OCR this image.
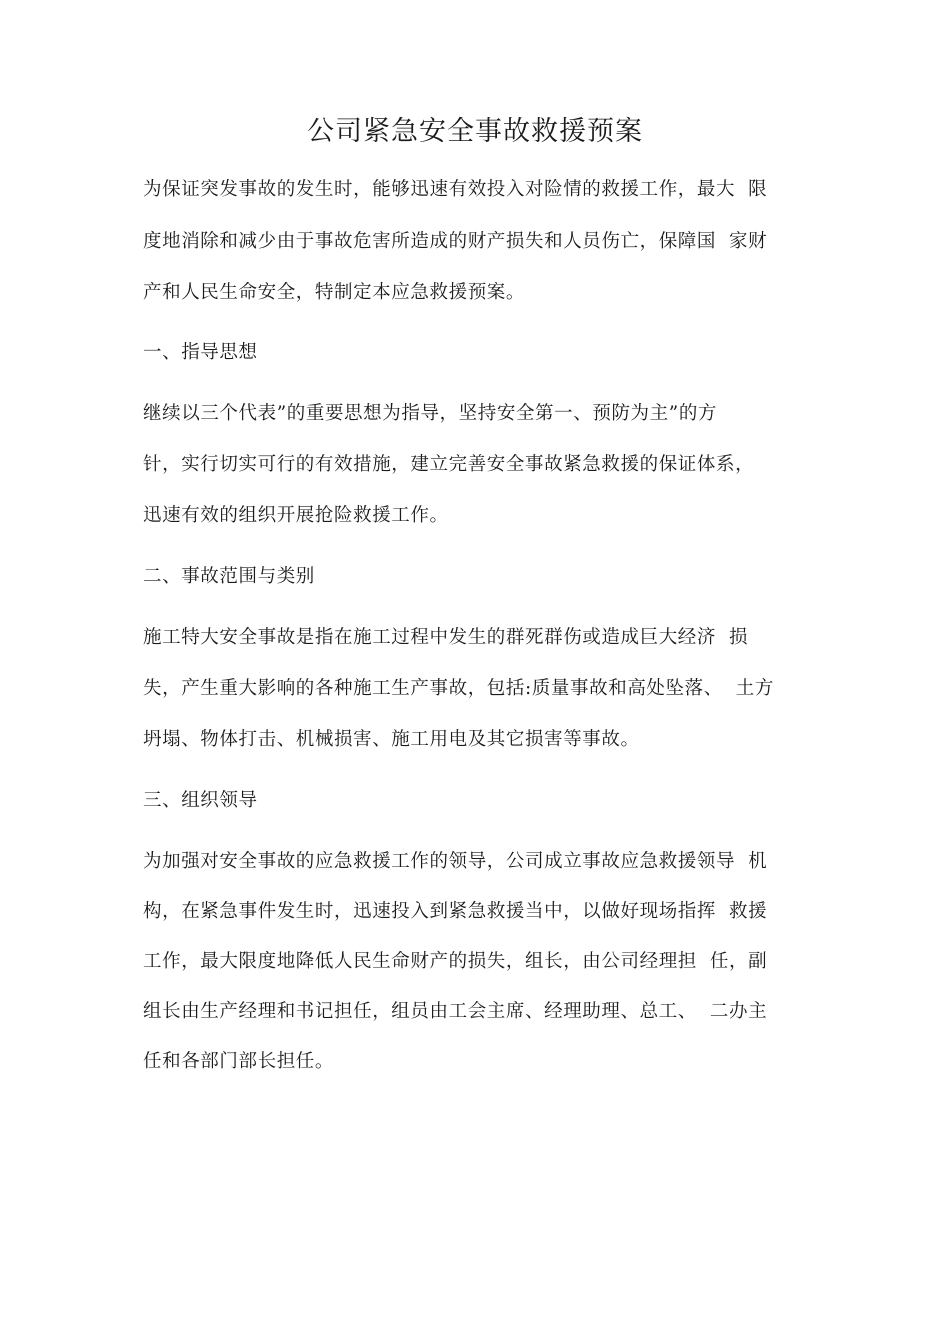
公司紧急安全事故救援预案

为保证突发事故的发生时，能够迅速有效投入对险情的救援工作，最大  限

度地消除和减少由于事故危害所造成的财产损失和人员伤亡，保障国  家财

产和人民生命安全，特制定本应急救援预案。

一、指导思想

继续以三个代表”的重要思想为指导，坚持安全第一、预防为主”的方

针，实行切实可行的有效措施，建立完善安全事故紧急救援的保证体系，

迅速有效的组织开展抢险救援工作。

二、事故范围与类别

施工特大安全事故是指在施工过程中发生的群死群伤或造成巨大经济  损

失，产生重大影响的各种施工生产事故，包括:质量事故和高处坠落、  土方

坍塌、物体打击、机械损害、施工用电及其它损害等事故。

三、组织领导

为加强对安全事故的应急救援工作的领导，公司成立事故应急救援领导  机

构，在紧急事件发生时，迅速投入到紧急救援当中，以做好现场指挥  救援

工作，最大限度地降低人民生命财产的损失，组长，由公司经理担  任，副

组长由生产经理和书记担任，组员由工会主席、经理助理、总工、  二办主

任和各部门部长担任。
